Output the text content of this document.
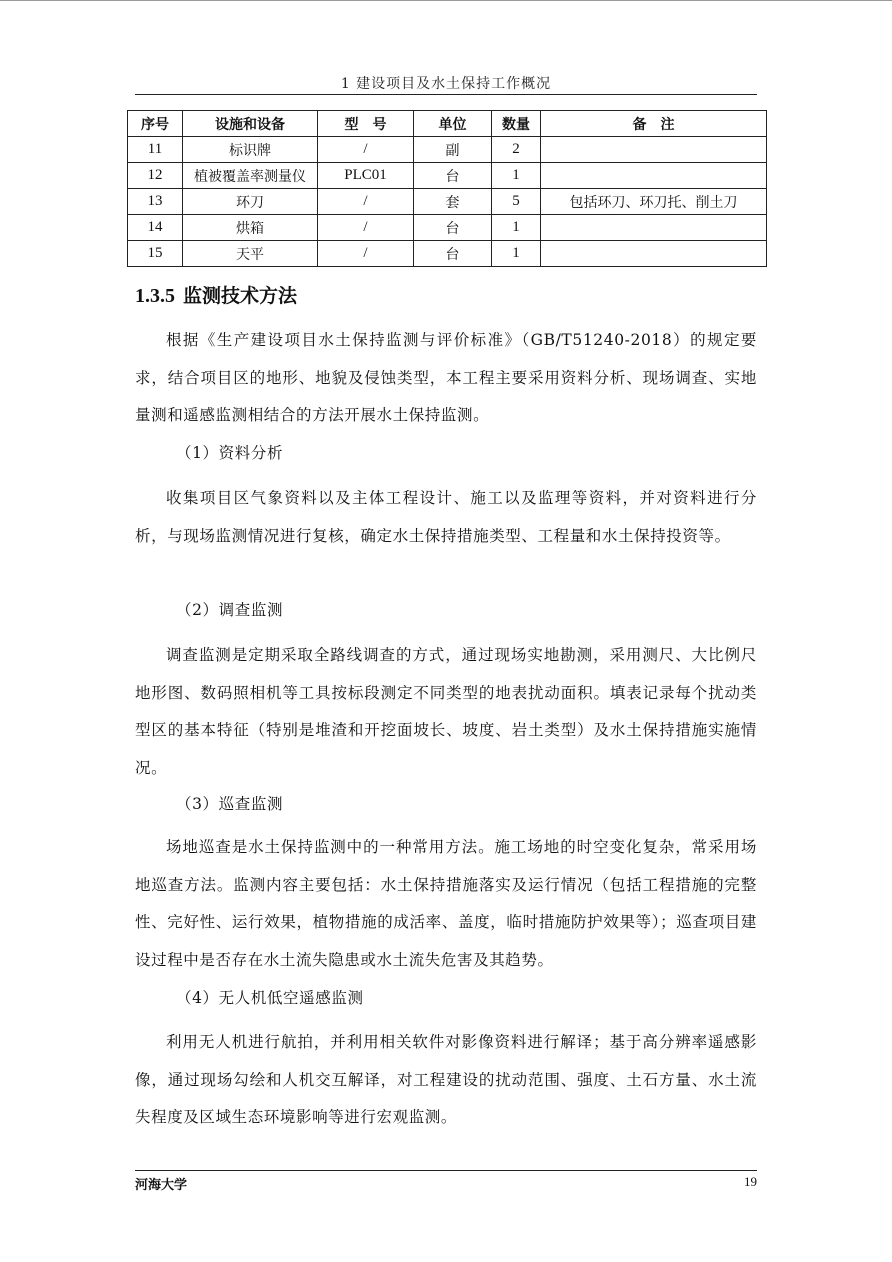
1 建设项目及水土保持工作概况
序号	设施和设备	型　号	单位	数量	备　注
11	标识牌	/	副	2	
12	植被覆盖率测量仪	PLC01	台	1	
13	环刀	/	套	5	包括环刀、环刀托、削土刀
14	烘箱	/	台	1	
15	天平	/	台	1	
1.3.5 监测技术方法

根据《生产建设项目水土保持监测与评价标准》（GB/T51240-2018）的规定要求，结合项目区的地形、地貌及侵蚀类型，本工程主要采用资料分析、现场调查、实地量测和遥感监测相结合的方法开展水土保持监测。

（1）资料分析

收集项目区气象资料以及主体工程设计、施工以及监理等资料，并对资料进行分析，与现场监测情况进行复核，确定水土保持措施类型、工程量和水土保持投资等。

（2）调查监测

调查监测是定期采取全路线调查的方式，通过现场实地勘测，采用测尺、大比例尺地形图、数码照相机等工具按标段测定不同类型的地表扰动面积。填表记录每个扰动类型区的基本特征（特别是堆渣和开挖面坡长、坡度、岩土类型）及水土保持措施实施情况。

（3）巡查监测

场地巡查是水土保持监测中的一种常用方法。施工场地的时空变化复杂，常采用场地巡查方法。监测内容主要包括：水土保持措施落实及运行情况（包括工程措施的完整性、完好性、运行效果，植物措施的成活率、盖度，临时措施防护效果等）；巡查项目建设过程中是否存在水土流失隐患或水土流失危害及其趋势。

（4）无人机低空遥感监测

利用无人机进行航拍，并利用相关软件对影像资料进行解译；基于高分辨率遥感影像，通过现场勾绘和人机交互解译，对工程建设的扰动范围、强度、土石方量、水土流失程度及区域生态环境影响等进行宏观监测。

河海大学	19
